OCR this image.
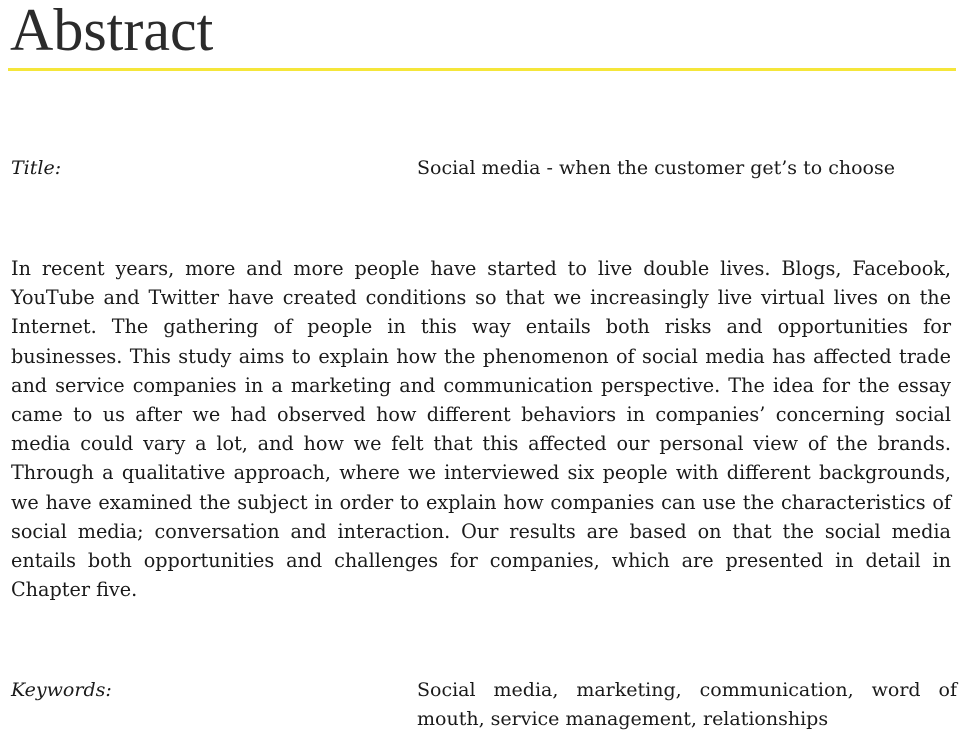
Abstract
Title:	Social media - when the customer get’s to choose

In recent years, more and more people have started to live double lives. Blogs, Facebook, YouTube and Twitter have created conditions so that we increasingly live virtual lives on the Internet. The gathering of people in this way entails both risks and opportunities for businesses. This study aims to explain how the phenomenon of social media has affected trade and service companies in a marketing and communication perspective. The idea for the essay came to us after we had observed how different behaviors in companies’ concerning social media could vary a lot, and how we felt that this affected our personal view of the brands. Through a qualitative approach, where we interviewed six people with different backgrounds, we have examined the subject in order to explain how companies can use the characteristics of social media; conversation and interaction. Our results are based on that the social media entails both opportunities and challenges for companies, which are presented in detail in Chapter five.

Keywords:	Social media, marketing, communication, word of mouth, service management, relationships
